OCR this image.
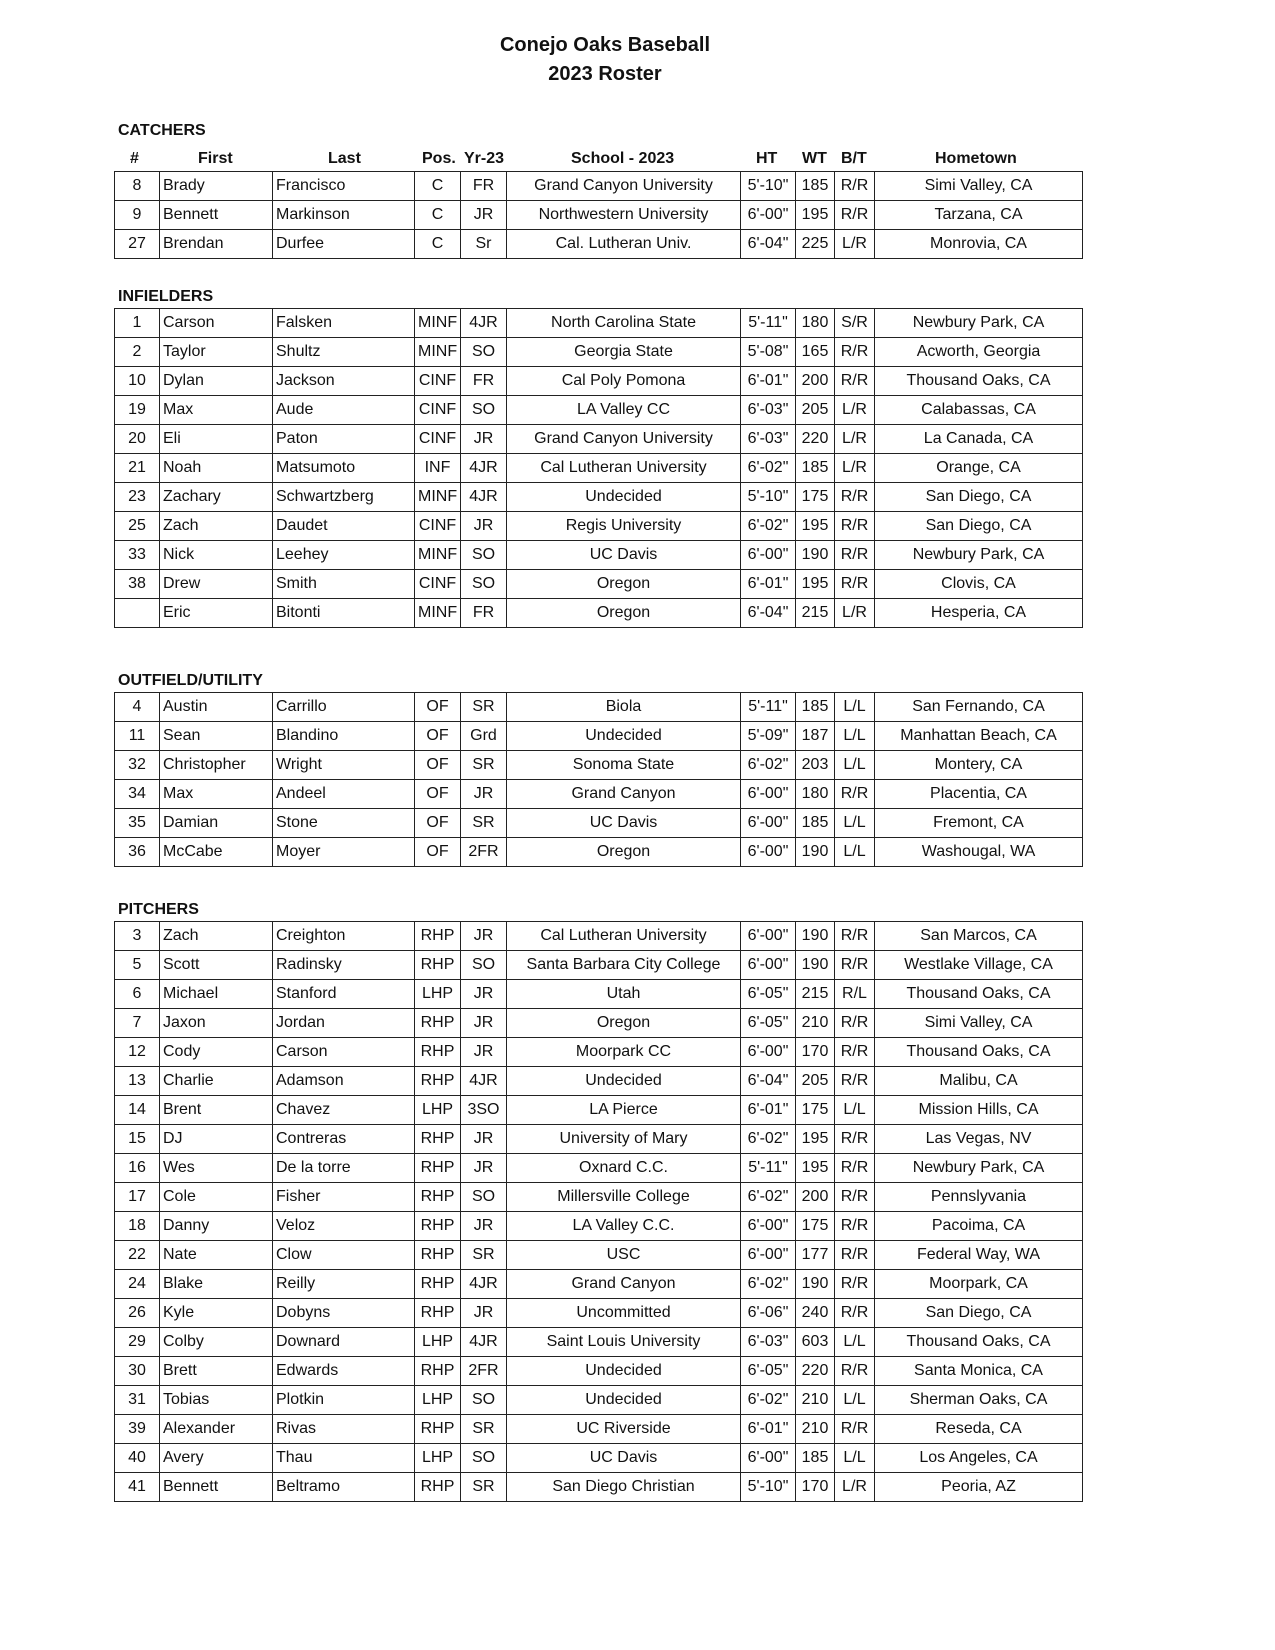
Conejo Oaks Baseball
2023 Roster
#	First	Last	Pos. Yr-23	School - 2023	HT WT B/T	Hometown
CATCHERS
8	Brady	Francisco	C	FR	Grand Canyon University	5'-10"	185	R/R	Simi Valley, CA
9	Bennett	Markinson	C	JR	Northwestern University	6'-00"	195	R/R	Tarzana, CA
27	Brendan	Durfee	C	Sr	Cal. Lutheran Univ.	6'-04"	225	L/R	Monrovia, CA
INFIELDERS
1	Carson	Falsken	MINF	4JR	North Carolina State	5'-11"	180	S/R	Newbury Park, CA
2	Taylor	Shultz	MINF	SO	Georgia State	5'-08"	165	R/R	Acworth, Georgia
10	Dylan	Jackson	CINF	FR	Cal Poly Pomona	6'-01"	200	R/R	Thousand Oaks, CA
19	Max	Aude	CINF	SO	LA Valley CC	6'-03"	205	L/R	Calabassas, CA
20	Eli	Paton	CINF	JR	Grand Canyon University	6'-03"	220	L/R	La Canada, CA
21	Noah	Matsumoto	INF	4JR	Cal Lutheran University	6'-02"	185	L/R	Orange, CA
23	Zachary	Schwartzberg	MINF	4JR	Undecided	5'-10"	175	R/R	San Diego, CA
25	Zach	Daudet	CINF	JR	Regis University	6'-02"	195	R/R	San Diego, CA
33	Nick	Leehey	MINF	SO	UC Davis	6'-00"	190	R/R	Newbury Park, CA
38	Drew	Smith	CINF	SO	Oregon	6'-01"	195	R/R	Clovis, CA
	Eric	Bitonti	MINF	FR	Oregon	6'-04"	215	L/R	Hesperia, CA
OUTFIELD/UTILITY
4	Austin	Carrillo	OF	SR	Biola	5'-11"	185	L/L	San Fernando, CA
11	Sean	Blandino	OF	Grd	Undecided	5'-09"	187	L/L	Manhattan Beach, CA
32	Christopher	Wright	OF	SR	Sonoma State	6'-02"	203	L/L	Montery, CA
34	Max	Andeel	OF	JR	Grand Canyon	6'-00"	180	R/R	Placentia, CA
35	Damian	Stone	OF	SR	UC Davis	6'-00"	185	L/L	Fremont, CA
36	McCabe	Moyer	OF	2FR	Oregon	6'-00"	190	L/L	Washougal, WA
PITCHERS
3	Zach	Creighton	RHP	JR	Cal Lutheran University	6'-00"	190	R/R	San Marcos, CA
5	Scott	Radinsky	RHP	SO	Santa Barbara City College	6'-00"	190	R/R	Westlake Village, CA
6	Michael	Stanford	LHP	JR	Utah	6'-05"	215	R/L	Thousand Oaks, CA
7	Jaxon	Jordan	RHP	JR	Oregon	6'-05"	210	R/R	Simi Valley, CA
12	Cody	Carson	RHP	JR	Moorpark CC	6'-00"	170	R/R	Thousand Oaks, CA
13	Charlie	Adamson	RHP	4JR	Undecided	6'-04"	205	R/R	Malibu, CA
14	Brent	Chavez	LHP	3SO	LA Pierce	6'-01"	175	L/L	Mission Hills, CA
15	DJ	Contreras	RHP	JR	University of Mary	6'-02"	195	R/R	Las Vegas, NV
16	Wes	De la torre	RHP	JR	Oxnard C.C.	5'-11"	195	R/R	Newbury Park, CA
17	Cole	Fisher	RHP	SO	Millersville College	6'-02"	200	R/R	Pennslyvania
18	Danny	Veloz	RHP	JR	LA Valley C.C.	6'-00"	175	R/R	Pacoima, CA
22	Nate	Clow	RHP	SR	USC	6'-00"	177	R/R	Federal Way, WA
24	Blake	Reilly	RHP	4JR	Grand Canyon	6'-02"	190	R/R	Moorpark, CA
26	Kyle	Dobyns	RHP	JR	Uncommitted	6'-06"	240	R/R	San Diego, CA
29	Colby	Downard	LHP	4JR	Saint Louis University	6'-03"	603	L/L	Thousand Oaks, CA
30	Brett	Edwards	RHP	2FR	Undecided	6'-05"	220	R/R	Santa Monica, CA
31	Tobias	Plotkin	LHP	SO	Undecided	6'-02"	210	L/L	Sherman Oaks, CA
39	Alexander	Rivas	RHP	SR	UC Riverside	6'-01"	210	R/R	Reseda, CA
40	Avery	Thau	LHP	SO	UC Davis	6'-00"	185	L/L	Los Angeles, CA
41	Bennett	Beltramo	RHP	SR	San Diego Christian	5'-10"	170	L/R	Peoria, AZ
